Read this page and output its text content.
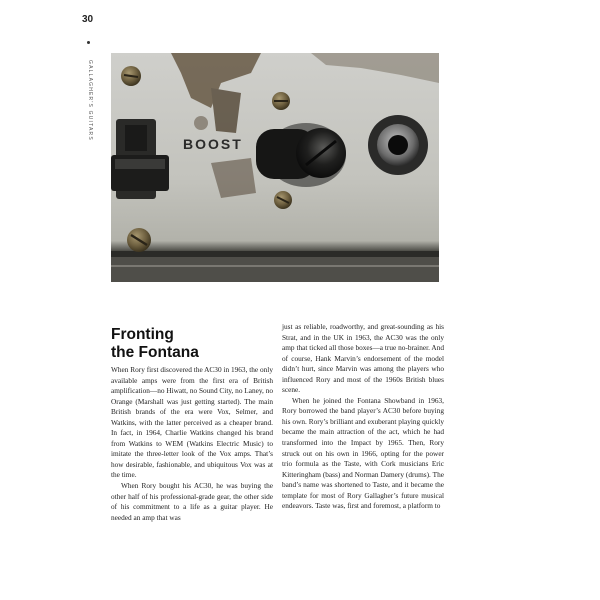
30
GALLAGHER'S GUITARS
BOOST
Fronting
the Fontana

When Rory first discovered the AC30 in 1963, the only available amps were from the first era of British amplification—no Hiwatt, no Sound City, no Laney, no Orange (Marshall was just getting started). The main British brands of the era were Vox, Selmer, and Watkins, with the latter perceived as a cheaper brand. In fact, in 1964, Charlie Watkins changed his brand from Watkins to WEM (Watkins Electric Music) to imitate the three-letter look of the Vox amps. That’s how desirable, fashionable, and ubiquitous Vox was at the time.

When Rory bought his AC30, he was buying the other half of his professional-grade gear, the other side of his commitment to a life as a guitar player. He needed an amp that was

just as reliable, roadworthy, and great-sounding as his Strat, and in the UK in 1963, the AC30 was the only amp that ticked all those boxes—a true no-brainer. And of course, Hank Marvin’s endorsement of the model didn’t hurt, since Marvin was among the players who influenced Rory and most of the 1960s British blues scene.

When he joined the Fontana Showband in 1963, Rory borrowed the band player’s AC30 before buying his own. Rory’s brilliant and exuberant playing quickly became the main attraction of the act, which he had transformed into the Impact by 1965. Then, Rory struck out on his own in 1966, opting for the power trio formula as the Taste, with Cork musicians Eric Kitteringham (bass) and Norman Damery (drums). The band’s name was shortened to Taste, and it became the template for most of Rory Gallagher’s future musical endeavors. Taste was, first and foremost, a platform to
